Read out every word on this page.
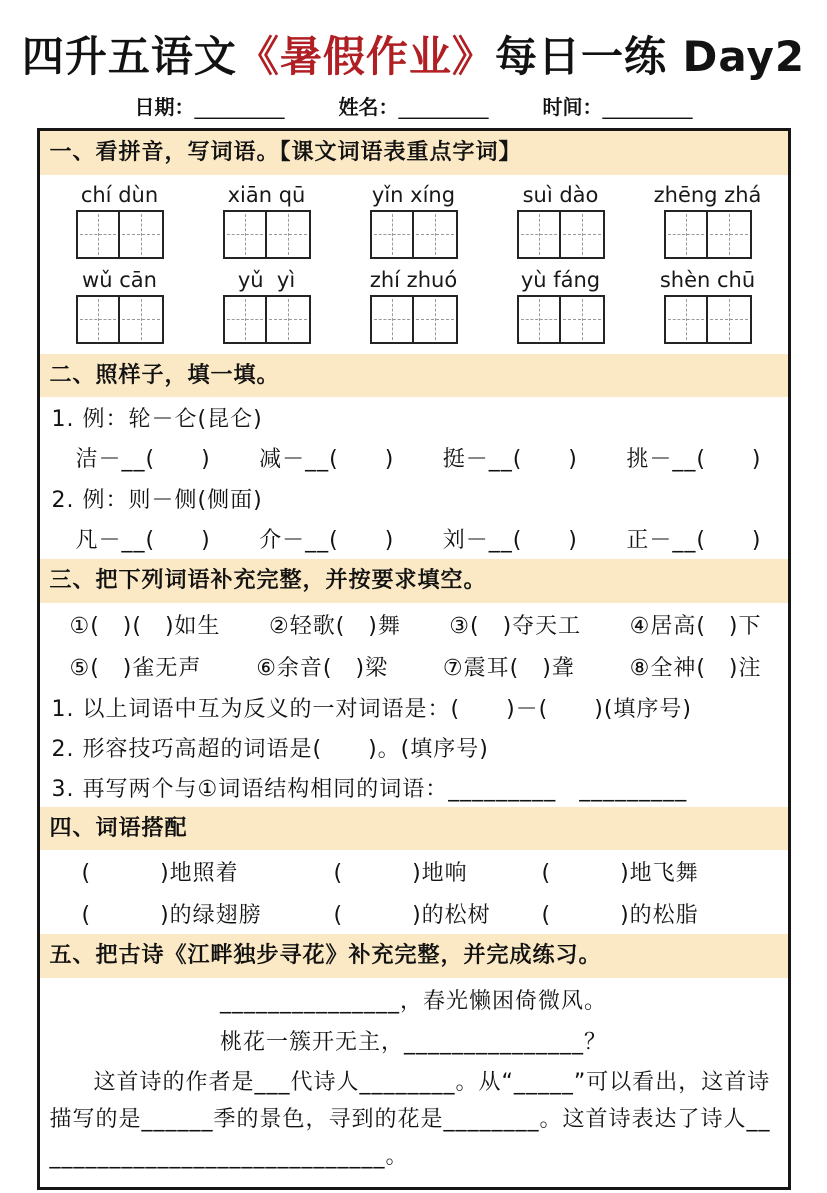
四升五语文《暑假作业》每日一练 Day2
日期： _________	姓名： _________	时间： _________
一、看拼音，写词语。【课文词语表重点字词】
chí dùn	xiān qū	yǐn xíng	suì dào	zhēng zhá
wǔ cān	yǔ  yì	zhí zhuó	yù fáng	shèn chū
二、照样子，填一填。
1. 例：轮－仑(昆仑)
洁－__(　　) 减－__(　　) 挺－__(　　) 挑－__(　　)
2. 例：则－侧(侧面)
凡－__(　　) 介－__(　　) 刘－__(　　) 正－__(　　)
三、把下列词语补充完整，并按要求填空。
①(　)(　)如生 ②轻歌(　)舞 ③(　)夺天工 ④居高(　)下
⑤(　)雀无声 ⑥余音(　)梁 ⑦震耳(　)聋 ⑧全神(　)注
1. 以上词语中互为反义的一对词语是：(　　)－(　　)(填序号)
2. 形容技巧高超的词语是(　　)。(填序号)
3. 再写两个与①词语结构相同的词语：_________　_________
四、词语搭配
(　　　)地照着	(　　　)地响	(　　　)地飞舞
(　　　)的绿翅膀	(　　　)的松树	(　　　)的松脂
五、把古诗《江畔独步寻花》补充完整，并完成练习。
_______________，春光懒困倚微风。
桃花一簇开无主，_______________？
这首诗的作者是___代诗人________。从“_____”可以看出，这首诗描写的是______季的景色，寻到的花是________。这首诗表达了诗人______________________________。
